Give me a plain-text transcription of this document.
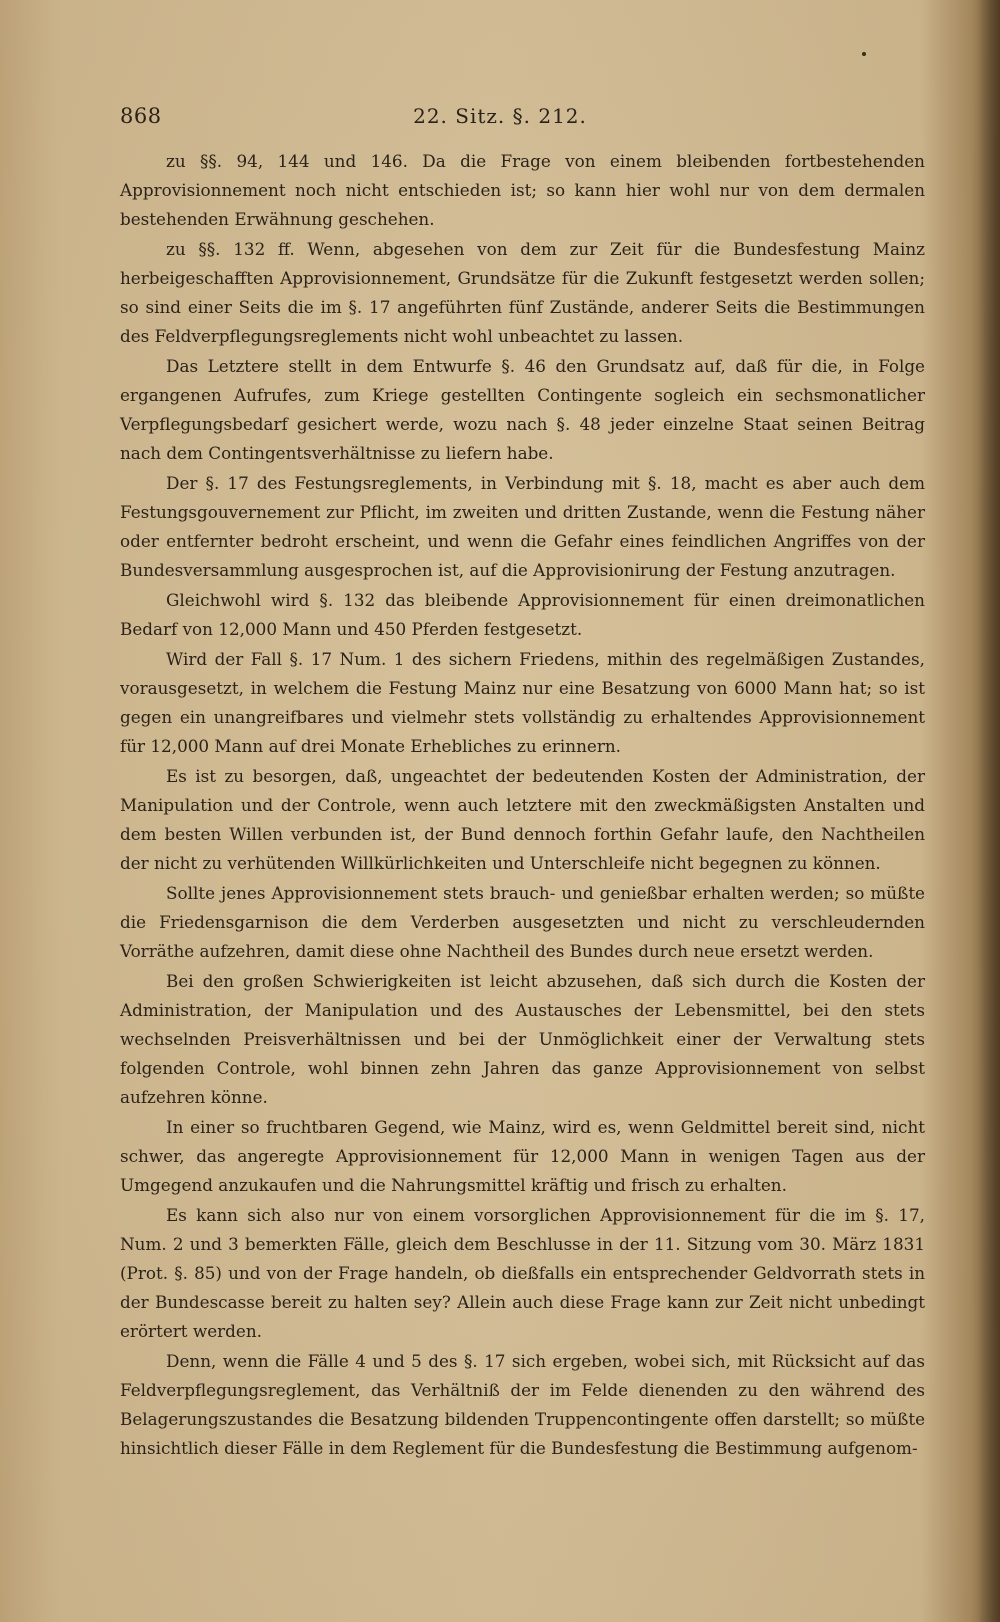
22. Sitz. §. 212.
868

zu §§. 94, 144 und 146. Da die Frage von einem bleibenden fortbestehenden Approvisionnement noch nicht entschieden ist; so kann hier wohl nur von dem dermalen bestehenden Erwähnung geschehen.

zu §§. 132 ff. Wenn, abgesehen von dem zur Zeit für die Bundesfestung Mainz herbeigeschafften Approvisionnement, Grundsätze für die Zukunft festgesetzt werden sollen; so sind einer Seits die im §. 17 angeführten fünf Zustände, anderer Seits die Bestimmungen des Feldverpflegungsreglements nicht wohl unbeachtet zu lassen.

Das Letztere stellt in dem Entwurfe §. 46 den Grundsatz auf, daß für die, in Folge ergangenen Aufrufes, zum Kriege gestellten Contingente sogleich ein sechsmonatlicher Verpflegungsbedarf gesichert werde, wozu nach §. 48 jeder einzelne Staat seinen Beitrag nach dem Contingentsverhältnisse zu liefern habe.

Der §. 17 des Festungsreglements, in Verbindung mit §. 18, macht es aber auch dem Festungsgouvernement zur Pflicht, im zweiten und dritten Zustande, wenn die Festung näher oder entfernter bedroht erscheint, und wenn die Gefahr eines feindlichen Angriffes von der Bundesversammlung ausgesprochen ist, auf die Approvisionirung der Festung anzutragen.

Gleichwohl wird §. 132 das bleibende Approvisionnement für einen dreimonatlichen Bedarf von 12,000 Mann und 450 Pferden festgesetzt.

Wird der Fall §. 17 Num. 1 des sichern Friedens, mithin des regelmäßigen Zustandes, vorausgesetzt, in welchem die Festung Mainz nur eine Besatzung von 6000 Mann hat; so ist gegen ein unangreifbares und vielmehr stets vollständig zu erhaltendes Approvisionnement für 12,000 Mann auf drei Monate Erhebliches zu erinnern.

Es ist zu besorgen, daß, ungeachtet der bedeutenden Kosten der Administration, der Manipulation und der Controle, wenn auch letztere mit den zweckmäßigsten Anstalten und dem besten Willen verbunden ist, der Bund dennoch forthin Gefahr laufe, den Nachtheilen der nicht zu verhütenden Willkürlichkeiten und Unterschleife nicht begegnen zu können.

Sollte jenes Approvisionnement stets brauch- und genießbar erhalten werden; so müßte die Friedensgarnison die dem Verderben ausgesetzten und nicht zu verschleudernden Vorräthe aufzehren, damit diese ohne Nachtheil des Bundes durch neue ersetzt werden.

Bei den großen Schwierigkeiten ist leicht abzusehen, daß sich durch die Kosten der Administration, der Manipulation und des Austausches der Lebensmittel, bei den stets wechselnden Preisverhältnissen und bei der Unmöglichkeit einer der Verwaltung stets folgenden Controle, wohl binnen zehn Jahren das ganze Approvisionnement von selbst aufzehren könne.

In einer so fruchtbaren Gegend, wie Mainz, wird es, wenn Geldmittel bereit sind, nicht schwer, das angeregte Approvisionnement für 12,000 Mann in wenigen Tagen aus der Umgegend anzukaufen und die Nahrungsmittel kräftig und frisch zu erhalten.

Es kann sich also nur von einem vorsorglichen Approvisionnement für die im §. 17, Num. 2 und 3 bemerkten Fälle, gleich dem Beschlusse in der 11. Sitzung vom 30. März 1831 (Prot. §. 85) und von der Frage handeln, ob dießfalls ein entsprechender Geldvorrath stets in der Bundescasse bereit zu halten sey? Allein auch diese Frage kann zur Zeit nicht unbedingt erörtert werden.

Denn, wenn die Fälle 4 und 5 des §. 17 sich ergeben, wobei sich, mit Rücksicht auf das Feldverpflegungsreglement, das Verhältniß der im Felde dienenden zu den während des Belagerungszustandes die Besatzung bildenden Truppencontingente offen darstellt; so müßte hinsichtlich dieser Fälle in dem Reglement für die Bundesfestung die Bestimmung aufgenom-
